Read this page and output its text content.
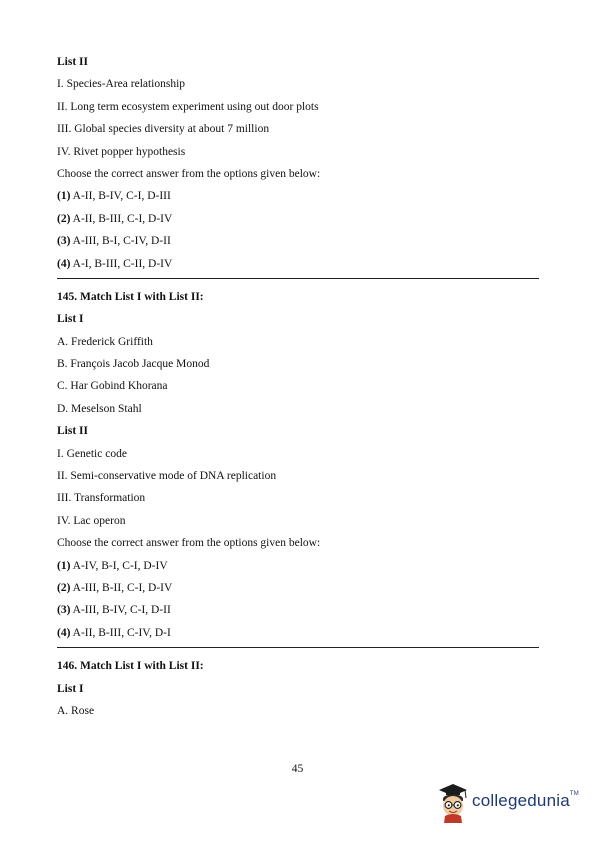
List II
I. Species-Area relationship
II. Long term ecosystem experiment using out door plots
III. Global species diversity at about 7 million
IV. Rivet popper hypothesis
Choose the correct answer from the options given below:
(1) A-II, B-IV, C-I, D-III
(2) A-II, B-III, C-I, D-IV
(3) A-III, B-I, C-IV, D-II
(4) A-I, B-III, C-II, D-IV
145. Match List I with List II:
List I
A. Frederick Griffith
B. François Jacob Jacque Monod
C. Har Gobind Khorana
D. Meselson Stahl
List II
I. Genetic code
II. Semi-conservative mode of DNA replication
III. Transformation
IV. Lac operon
Choose the correct answer from the options given below:
(1) A-IV, B-I, C-I, D-IV
(2) A-III, B-II, C-I, D-IV
(3) A-III, B-IV, C-I, D-II
(4) A-II, B-III, C-IV, D-I
146. Match List I with List II:
List I
A. Rose
45
collegedunia™
